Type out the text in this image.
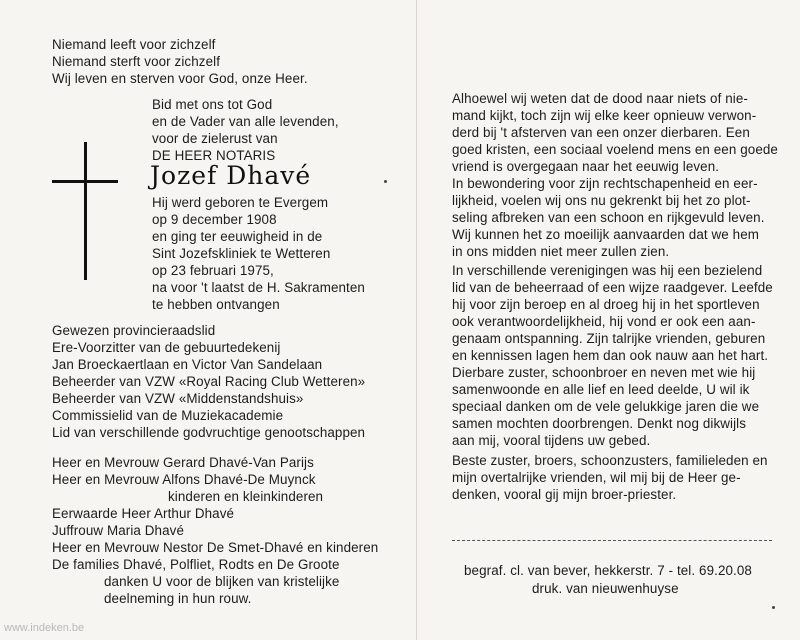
Niemand leeft voor zichzelf
Niemand sterft voor zichzelf
Wij leven en sterven voor God, onze Heer.
Bid met ons tot God
en de Vader van alle levenden,
voor de zielerust van
DE HEER NOTARIS
Jozef Dhavé
Hij werd geboren te Evergem
op 9 december 1908
en ging ter eeuwigheid in de
Sint Jozefskliniek te Wetteren
op 23 februari 1975,
na voor 't laatst de H. Sakramenten
te hebben ontvangen
Gewezen provincieraadslid
Ere-Voorzitter van de gebuurtedekenij
Jan Broeckaertlaan en Victor Van Sandelaan
Beheerder van VZW «Royal Racing Club Wetteren»
Beheerder van VZW «Middenstandshuis»
Commissielid van de Muziekacademie
Lid van verschillende godvruchtige genootschappen
Heer en Mevrouw Gerard Dhavé-Van Parijs
Heer en Mevrouw Alfons Dhavé-De Muynck
kinderen en kleinkinderen
Eerwaarde Heer Arthur Dhavé
Juffrouw Maria Dhavé
Heer en Mevrouw Nestor De Smet-Dhavé en kinderen
De families Dhavé, Polfliet, Rodts en De Groote
danken U voor de blijken van kristelijke
deelneming in hun rouw.
Alhoewel wij weten dat de dood naar niets of nie-
mand kijkt, toch zijn wij elke keer opnieuw verwon-
derd bij 't afsterven van een onzer dierbaren. Een
goed kristen, een sociaal voelend mens en een goede
vriend is overgegaan naar het eeuwig leven.
In bewondering voor zijn rechtschapenheid en eer-
lijkheid, voelen wij ons nu gekrenkt bij het zo plot-
seling afbreken van een schoon en rijkgevuld leven.
Wij kunnen het zo moeilijk aanvaarden dat we hem
in ons midden niet meer zullen zien.
In verschillende verenigingen was hij een bezielend
lid van de beheerraad of een wijze raadgever. Leefde
hij voor zijn beroep en al droeg hij in het sportleven
ook verantwoordelijkheid, hij vond er ook een aan-
genaam ontspanning. Zijn talrijke vrienden, geburen
en kennissen lagen hem dan ook nauw aan het hart.
Dierbare zuster, schoonbroer en neven met wie hij
samenwoonde en alle lief en leed deelde, U wil ik
speciaal danken om de vele gelukkige jaren die we
samen mochten doorbrengen. Denkt nog dikwijls
aan mij, vooral tijdens uw gebed.
Beste zuster, broers, schoonzusters, familieleden en
mijn overtalrijke vrienden, wil mij bij de Heer ge-
denken, vooral gij mijn broer-priester.
begraf. cl. van bever, hekkerstr. 7 - tel. 69.20.08
druk. van nieuwenhuyse
www.indeken.be
